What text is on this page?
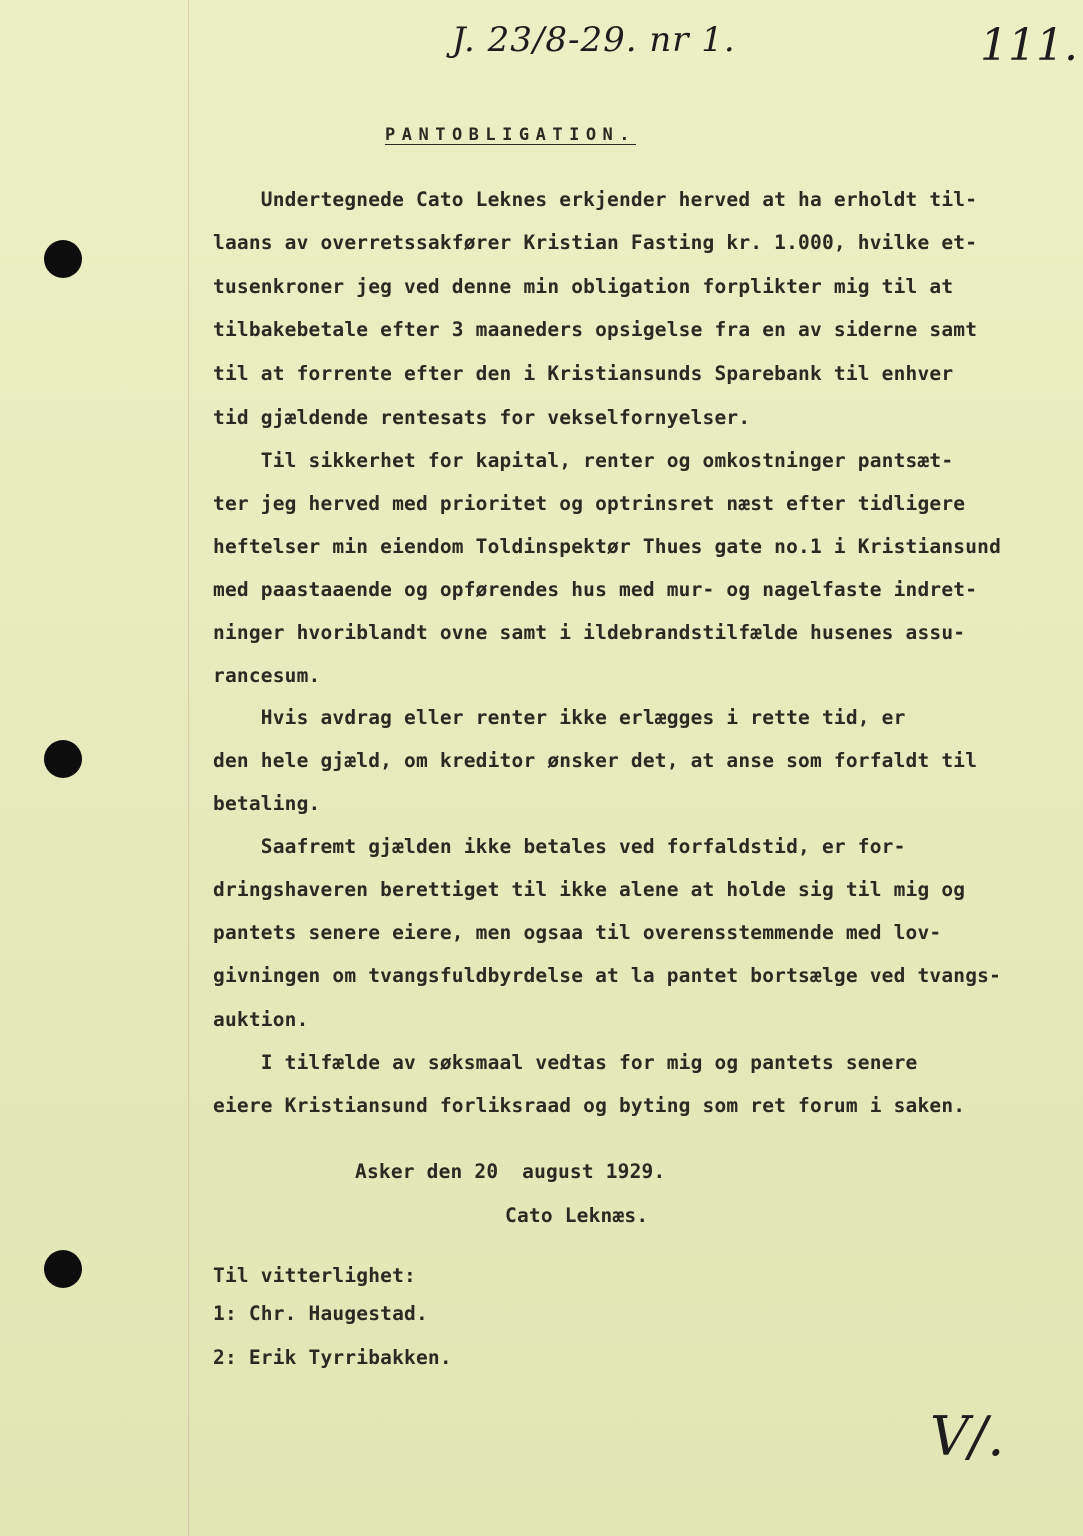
J. 23/8-29. nr 1.	111.
PANTOBLIGATION.
Undertegnede Cato Leknes erkjender herved at ha erholdt til-
laans av overretssakfører Kristian Fasting kr. 1.000, hvilke et-
tusenkroner jeg ved denne min obligation forplikter mig til at
tilbakebetale efter 3 maaneders opsigelse fra en av siderne samt
til at forrente efter den i Kristiansunds Sparebank til enhver
tid gjældende rentesats for vekselfornyelser.
Til sikkerhet for kapital, renter og omkostninger pantsæt-
ter jeg herved med prioritet og optrinsret næst efter tidligere
heftelser min eiendom Toldinspektør Thues gate no.1 i Kristiansund
med paastaaende og opførendes hus med mur- og nagelfaste indret-
ninger hvoriblandt ovne samt i ildebrandstilfælde husenes assu-
rancesum.
Hvis avdrag eller renter ikke erlægges i rette tid, er
den hele gjæld, om kreditor ønsker det, at anse som forfaldt til
betaling.
Saafremt gjælden ikke betales ved forfaldstid, er for-
dringshaveren berettiget til ikke alene at holde sig til mig og
pantets senere eiere, men ogsaa til overensstemmende med lov-
givningen om tvangsfuldbyrdelse at la pantet bortsælge ved tvangs-
auktion.
I tilfælde av søksmaal vedtas for mig og pantets senere
eiere Kristiansund forliksraad og byting som ret forum i saken.
Asker den 20  august 1929.
Cato Leknæs.
Til vitterlighet:
1: Chr. Haugestad.
2: Erik Tyrribakken.
V/.
